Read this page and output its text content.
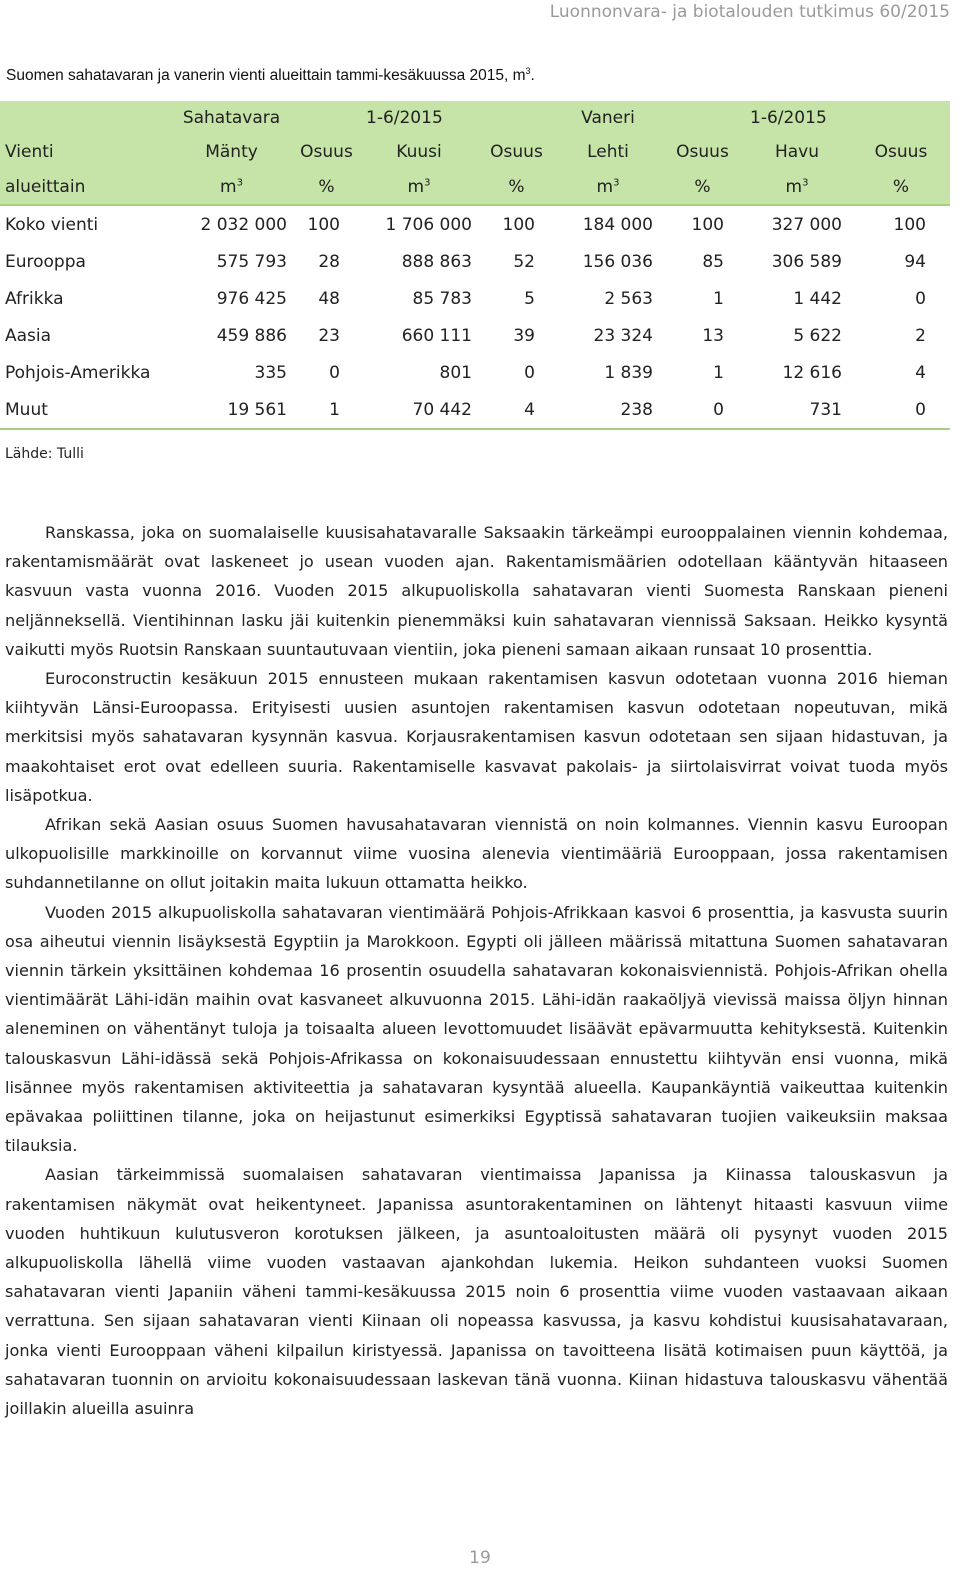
Luonnonvara- ja biotalouden tutkimus 60/2015
Suomen sahatavaran ja vanerin vienti alueittain tammi-kesäkuussa 2015, $m^3$.
	Sahatavara		1-6/2015		Vaneri		1-6/2015	
Vienti	Mänty	Osuus	Kuusi	Osuus	Lehti	Osuus	Havu	Osuus
alueittain	$m^3$	%	$m^3$	%	$m^3$	%	$m^3$	%
Koko vienti	2 032 000	100	1 706 000	100	184 000	100	327 000	100
Eurooppa	575 793	28	888 863	52	156 036	85	306 589	94
Afrikka	976 425	48	85 783	5	2 563	1	1 442	0
Aasia	459 886	23	660 111	39	23 324	13	5 622	2
Pohjois-Amerikka	335	0	801	0	1 839	1	12 616	4
Muut	19 561	1	70 442	4	238	0	731	0
Lähde: Tulli

Ranskassa, joka on suomalaiselle kuusisahatavaralle Saksaakin tärkeämpi eurooppalainen viennin kohdemaa, rakentamismäärät ovat laskeneet jo usean vuoden ajan. Rakentamismäärien odotellaan kääntyvän hitaaseen kasvuun vasta vuonna 2016. Vuoden 2015 alkupuoliskolla sahatavaran vienti Suomesta Ranskaan pieneni neljänneksellä. Vientihinnan lasku jäi kuitenkin pienemmäksi kuin sahatavaran viennissä Saksaan. Heikko kysyntä vaikutti myös Ruotsin Ranskaan suuntautuvaan vientiin, joka pieneni samaan aikaan runsaat 10 prosenttia.

Euroconstructin kesäkuun 2015 ennusteen mukaan rakentamisen kasvun odotetaan vuonna 2016 hieman kiihtyvän Länsi-Euroopassa. Erityisesti uusien asuntojen rakentamisen kasvun odotetaan nopeutuvan, mikä merkitsisi myös sahatavaran kysynnän kasvua. Korjausrakentamisen kasvun odotetaan sen sijaan hidastuvan, ja maakohtaiset erot ovat edelleen suuria. Rakentamiselle kasvavat pakolais- ja siirtolaisvirrat voivat tuoda myös lisäpotkua.

Afrikan sekä Aasian osuus Suomen havusahatavaran viennistä on noin kolmannes. Viennin kasvu Euroopan ulkopuolisille markkinoille on korvannut viime vuosina alenevia vientimääriä Eurooppaan, jossa rakentamisen suhdannetilanne on ollut joitakin maita lukuun ottamatta heikko.

Vuoden 2015 alkupuoliskolla sahatavaran vientimäärä Pohjois-Afrikkaan kasvoi 6 prosenttia, ja kasvusta suurin osa aiheutui viennin lisäyksestä Egyptiin ja Marokkoon. Egypti oli jälleen määrissä mitattuna Suomen sahatavaran viennin tärkein yksittäinen kohdemaa 16 prosentin osuudella sahatavaran kokonaisviennistä. Pohjois-Afrikan ohella vientimäärät Lähi-idän maihin ovat kasvaneet alkuvuonna 2015. Lähi-idän raakaöljyä vievissä maissa öljyn hinnan aleneminen on vähentänyt tuloja ja toisaalta alueen levottomuudet lisäävät epävarmuutta kehityksestä. Kuitenkin talouskasvun Lähi-idässä sekä Pohjois-Afrikassa on kokonaisuudessaan ennustettu kiihtyvän ensi vuonna, mikä lisännee myös rakentamisen aktiviteettia ja sahatavaran kysyntää alueella. Kaupankäyntiä vaikeuttaa kuitenkin epävakaa poliittinen tilanne, joka on heijastunut esimerkiksi Egyptissä sahatavaran tuojien vaikeuksiin maksaa tilauksia.

Aasian tärkeimmissä suomalaisen sahatavaran vientimaissa Japanissa ja Kiinassa talouskasvun ja rakentamisen näkymät ovat heikentyneet. Japanissa asuntorakentaminen on lähtenyt hitaasti kasvuun viime vuoden huhtikuun kulutusveron korotuksen jälkeen, ja asuntoaloitusten määrä oli pysynyt vuoden 2015 alkupuoliskolla lähellä viime vuoden vastaavan ajankohdan lukemia. Heikon suhdanteen vuoksi Suomen sahatavaran vienti Japaniin väheni tammi-kesäkuussa 2015 noin 6 prosenttia viime vuoden vastaavaan aikaan verrattuna. Sen sijaan sahatavaran vienti Kiinaan oli nopeassa kasvussa, ja kasvu kohdistui kuusisahatavaraan, jonka vienti Eurooppaan väheni kilpailun kiristyessä. Japanissa on tavoitteena lisätä kotimaisen puun käyttöä, ja sahatavaran tuonnin on arvioitu kokonaisuudessaan laskevan tänä vuonna. Kiinan hidastuva talouskasvu vähentää joillakin alueilla asuinra

19
